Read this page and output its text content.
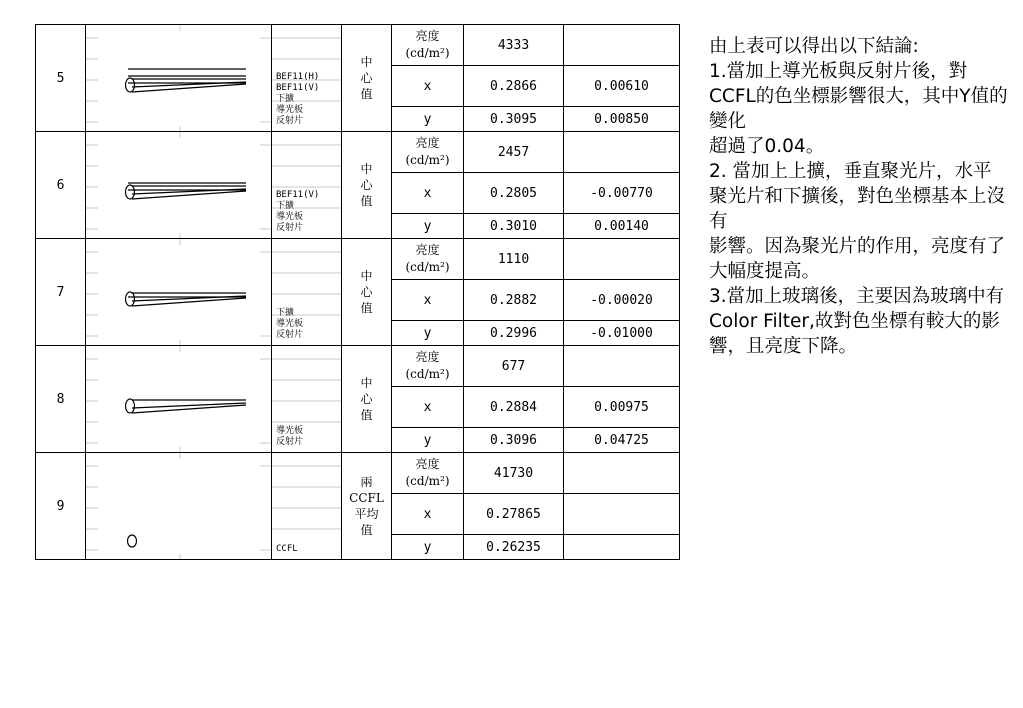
5		BEF11(H)
BEF11(V)
下擴
導光板
反射片	中
心
值	亮度
(cd/m²)	4333	
				x	0.2866	0.00610
				y	0.3095	0.00850
6		BEF11(V)
下擴
導光板
反射片	中
心
值	亮度
(cd/m²)	2457	
				x	0.2805	-0.00770
				y	0.3010	0.00140
7		下擴
導光板
反射片	中
心
值	亮度
(cd/m²)	1110	
				x	0.2882	-0.00020
				y	0.2996	-0.01000
8		導光板
反射片	中
心
值	亮度
(cd/m²)	677	
				x	0.2884	0.00975
				y	0.3096	0.04725
9		CCFL	兩
CCFL
平均
值	亮度
(cd/m²)	41730	
				x	0.27865	
				y	0.26235	

由上表可以得出以下結論:

1.當加上導光板與反射片後，對CCFL的色坐標影響很大，其中Y值的變化

超過了0.04。

2. 當加上上擴，垂直聚光片，水平聚光片和下擴後，對色坐標基本上沒有

影響。因為聚光片的作用，亮度有了大幅度提高。

3.當加上玻璃後，主要因為玻璃中有Color Filter,故對色坐標有較大的影響，且亮度下降。
